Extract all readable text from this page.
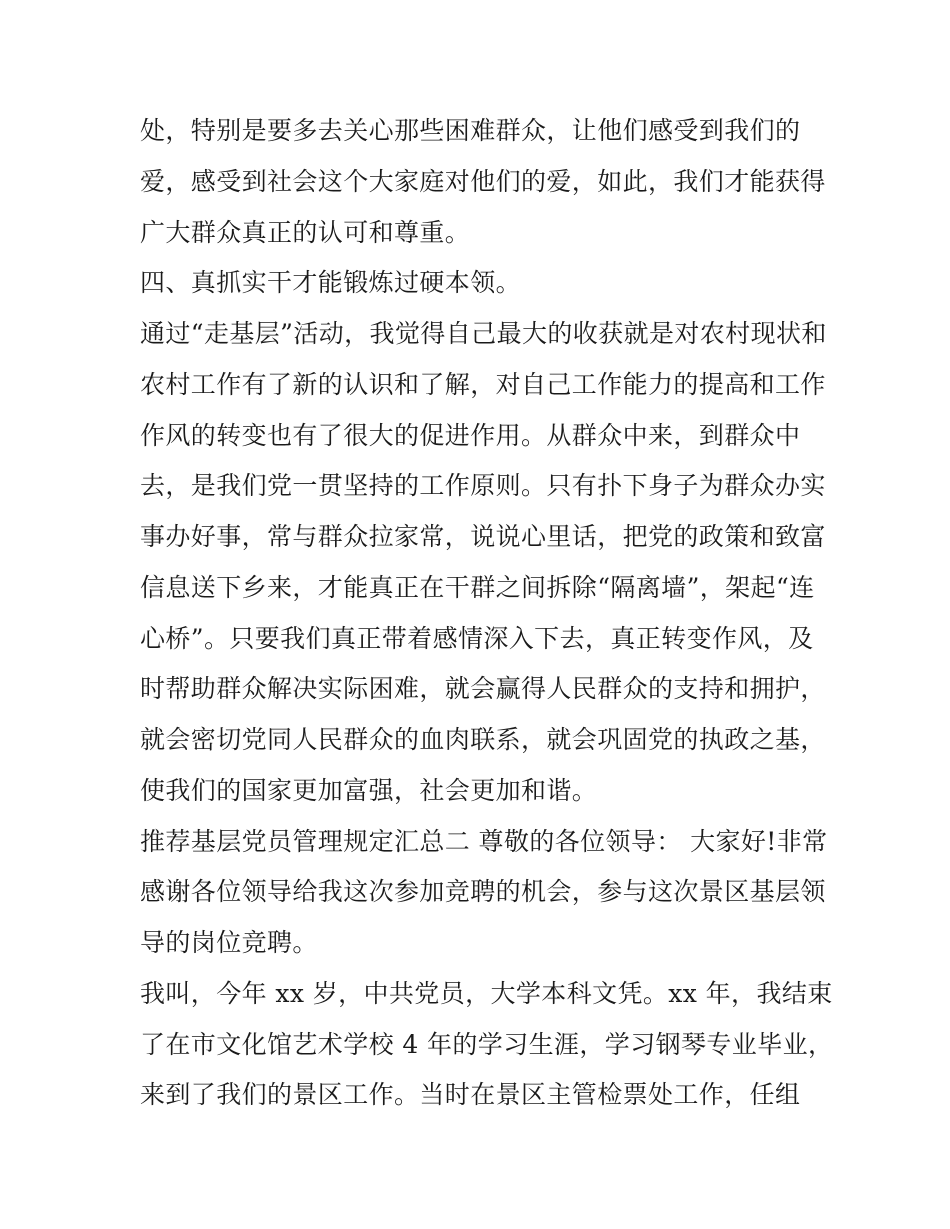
处，特别是要多去关心那些困难群众，让他们感受到我们的
爱，感受到社会这个大家庭对他们的爱，如此，我们才能获得
广大群众真正的认可和尊重。
四、真抓实干才能锻炼过硬本领。
通过“走基层”活动，我觉得自己最大的收获就是对农村现状和
农村工作有了新的认识和了解，对自己工作能力的提高和工作
作风的转变也有了很大的促进作用。从群众中来，到群众中
去，是我们党一贯坚持的工作原则。只有扑下身子为群众办实
事办好事，常与群众拉家常，说说心里话，把党的政策和致富
信息送下乡来，才能真正在干群之间拆除“隔离墙”，架起“连
心桥”。只要我们真正带着感情深入下去，真正转变作风，及
时帮助群众解决实际困难，就会赢得人民群众的支持和拥护，
就会密切党同人民群众的血肉联系，就会巩固党的执政之基，
使我们的国家更加富强，社会更加和谐。
推荐基层党员管理规定汇总二 尊敬的各位领导： 大家好!非常
感谢各位领导给我这次参加竞聘的机会，参与这次景区基层领
导的岗位竞聘。
我叫，今年 xx 岁，中共党员，大学本科文凭。xx 年，我结束
了在市文化馆艺术学校 4 年的学习生涯，学习钢琴专业毕业，
来到了我们的景区工作。当时在景区主管检票处工作，任组
